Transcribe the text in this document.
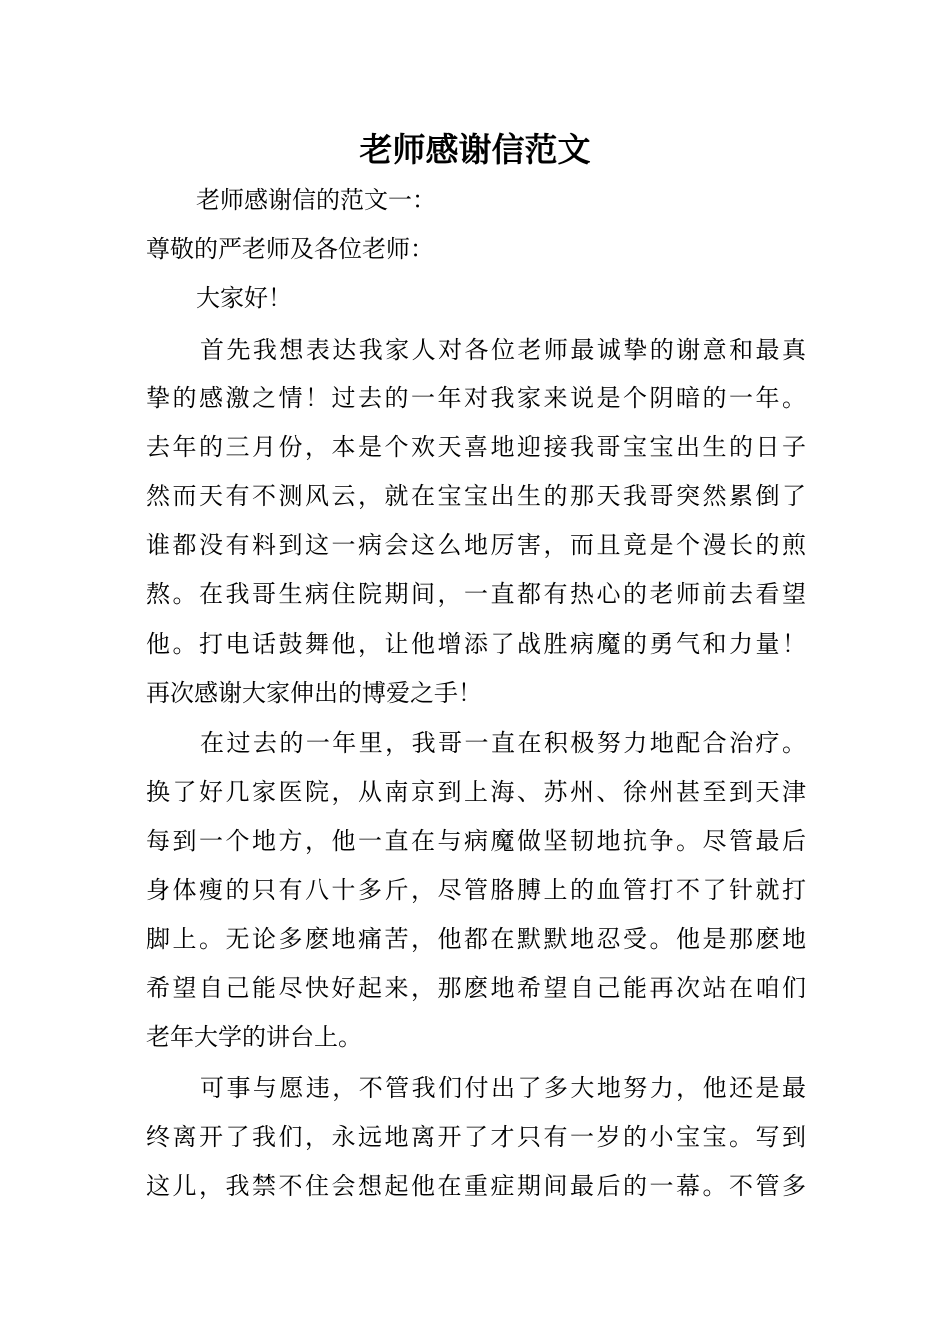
老师感谢信范文
老师感谢信的范文一：
尊敬的严老师及各位老师：
大家好！
首先我想表达我家人对各位老师最诚挚的谢意和最真
挚的感激之情！过去的一年对我家来说是个阴暗的一年。
去年的三月份，本是个欢天喜地迎接我哥宝宝出生的日子
然而天有不测风云，就在宝宝出生的那天我哥突然累倒了
谁都没有料到这一病会这么地厉害，而且竟是个漫长的煎
熬。在我哥生病住院期间，一直都有热心的老师前去看望
他。打电话鼓舞他，让他增添了战胜病魔的勇气和力量！
再次感谢大家伸出的博爱之手！
在过去的一年里，我哥一直在积极努力地配合治疗。
换了好几家医院，从南京到上海、苏州、徐州甚至到天津
每到一个地方，他一直在与病魔做坚韧地抗争。尽管最后
身体瘦的只有八十多斤，尽管胳膊上的血管打不了针就打
脚上。无论多麽地痛苦，他都在默默地忍受。他是那麽地
希望自己能尽快好起来，那麽地希望自己能再次站在咱们
老年大学的讲台上。
可事与愿违，不管我们付出了多大地努力，他还是最
终离开了我们，永远地离开了才只有一岁的小宝宝。写到
这儿，我禁不住会想起他在重症期间最后的一幕。不管多
